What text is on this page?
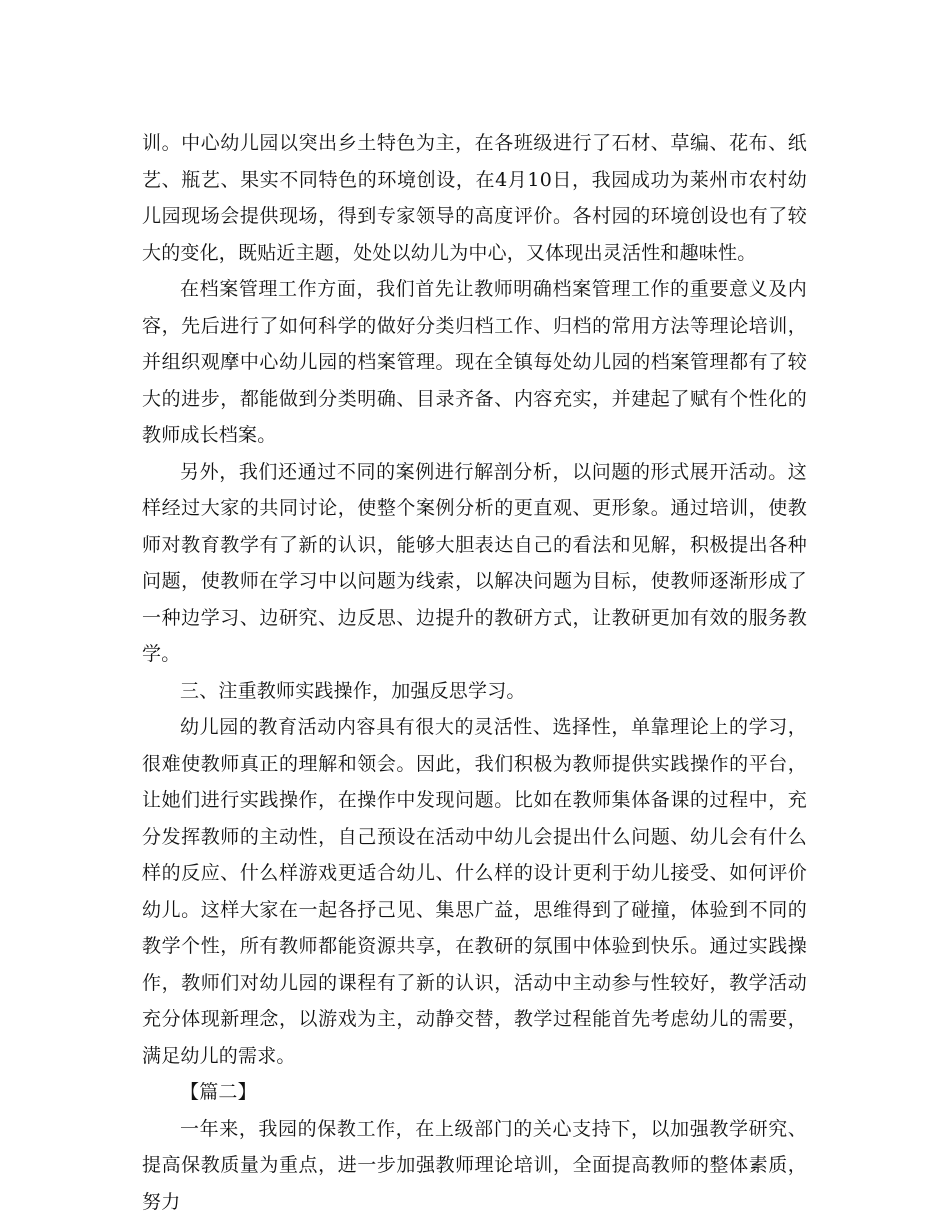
训。中心幼儿园以突出乡土特色为主，在各班级进行了石材、草编、花布、纸艺、瓶艺、果实不同特色的环境创设，在4月10日，我园成功为莱州市农村幼儿园现场会提供现场，得到专家领导的高度评价。各村园的环境创设也有了较大的变化，既贴近主题，处处以幼儿为中心，又体现出灵活性和趣味性。

在档案管理工作方面，我们首先让教师明确档案管理工作的重要意义及内容，先后进行了如何科学的做好分类归档工作、归档的常用方法等理论培训，并组织观摩中心幼儿园的档案管理。现在全镇每处幼儿园的档案管理都有了较大的进步，都能做到分类明确、目录齐备、内容充实，并建起了赋有个性化的教师成长档案。

另外，我们还通过不同的案例进行解剖分析，以问题的形式展开活动。这样经过大家的共同讨论，使整个案例分析的更直观、更形象。通过培训，使教师对教育教学有了新的认识，能够大胆表达自己的看法和见解，积极提出各种问题，使教师在学习中以问题为线索，以解决问题为目标，使教师逐渐形成了一种边学习、边研究、边反思、边提升的教研方式，让教研更加有效的服务教学。

三、注重教师实践操作，加强反思学习。

幼儿园的教育活动内容具有很大的灵活性、选择性，单靠理论上的学习，很难使教师真正的理解和领会。因此，我们积极为教师提供实践操作的平台，让她们进行实践操作，在操作中发现问题。比如在教师集体备课的过程中，充分发挥教师的主动性，自己预设在活动中幼儿会提出什么问题、幼儿会有什么样的反应、什么样游戏更适合幼儿、什么样的设计更利于幼儿接受、如何评价幼儿。这样大家在一起各抒己见、集思广益，思维得到了碰撞，体验到不同的教学个性，所有教师都能资源共享，在教研的氛围中体验到快乐。通过实践操作，教师们对幼儿园的课程有了新的认识，活动中主动参与性较好，教学活动充分体现新理念，以游戏为主，动静交替，教学过程能首先考虑幼儿的需要，满足幼儿的需求。

【篇二】

一年来，我园的保教工作，在上级部门的关心支持下，以加强教学研究、提高保教质量为重点，进一步加强教师理论培训，全面提高教师的整体素质，努力
